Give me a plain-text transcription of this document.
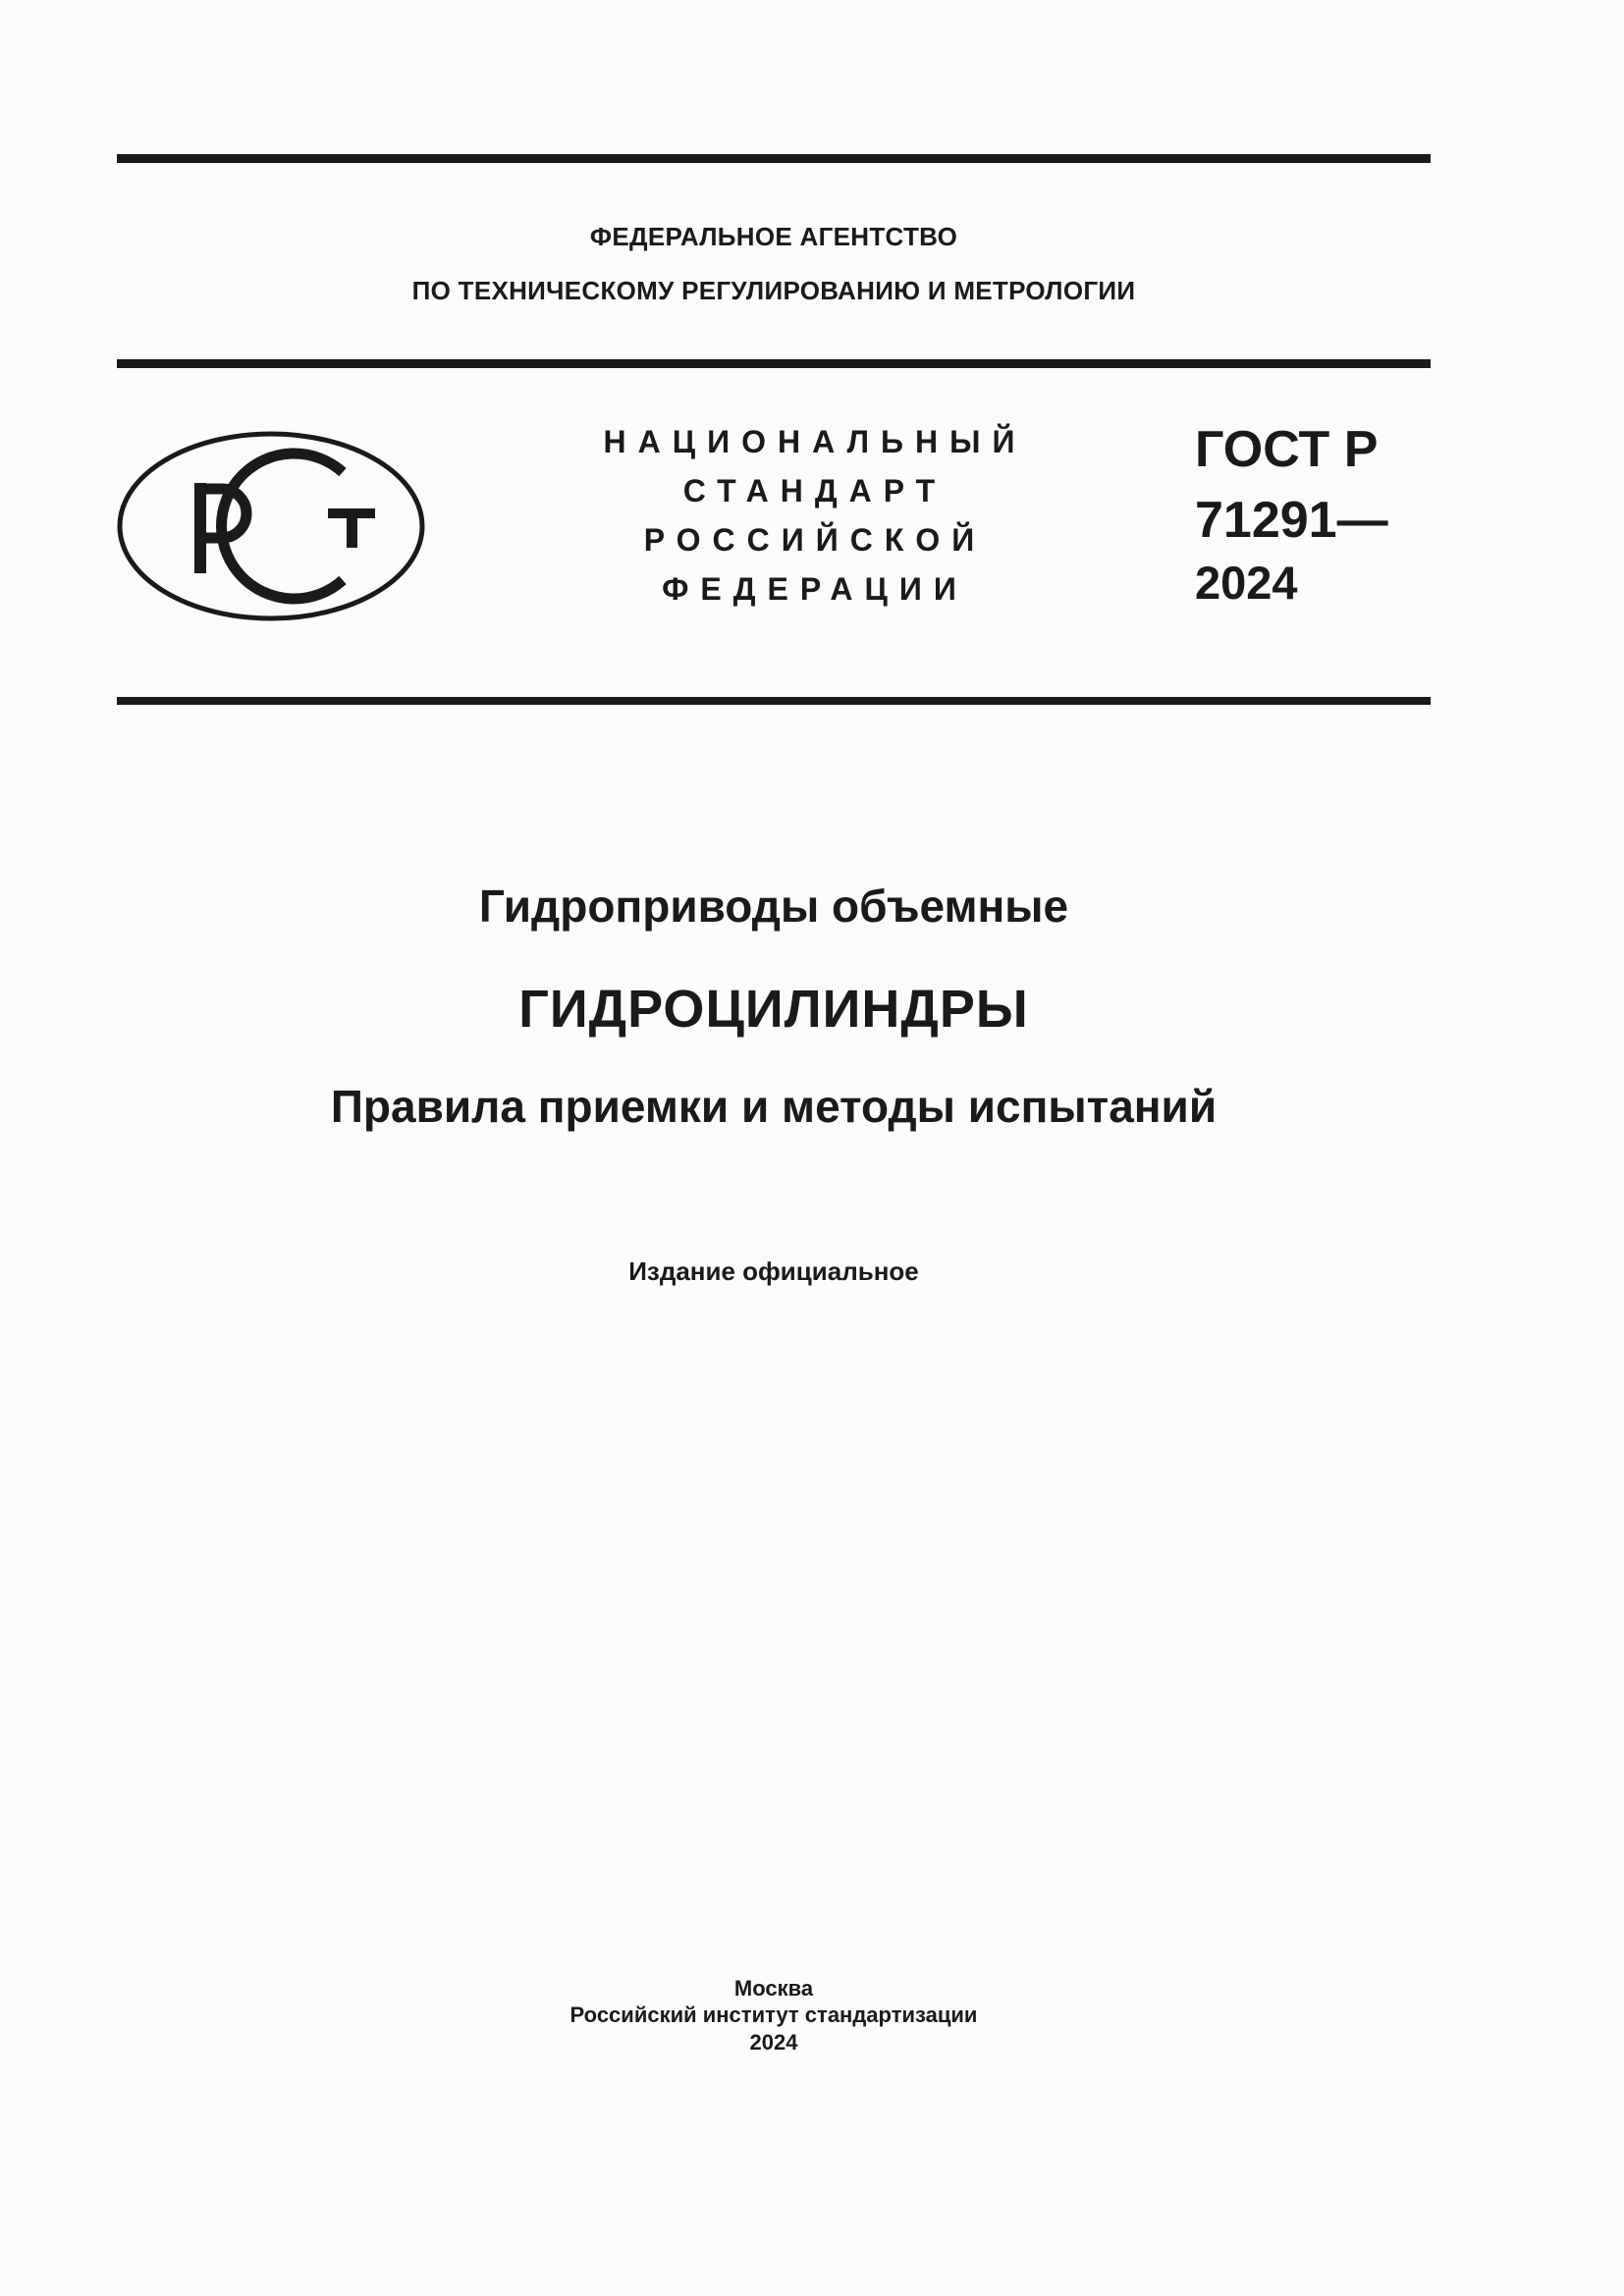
ФЕДЕРАЛЬНОЕ АГЕНТСТВО
ПО ТЕХНИЧЕСКОМУ РЕГУЛИРОВАНИЮ И МЕТРОЛОГИИ
НАЦИОНАЛЬНЫЙ
СТАНДАРТ
РОССИЙСКОЙ
ФЕДЕРАЦИИ
ГОСТ Р
71291—
2024
Гидроприводы объемные
ГИДРОЦИЛИНДРЫ
Правила приемки и методы испытаний
Издание официальное
Москва
Российский институт стандартизации
2024
